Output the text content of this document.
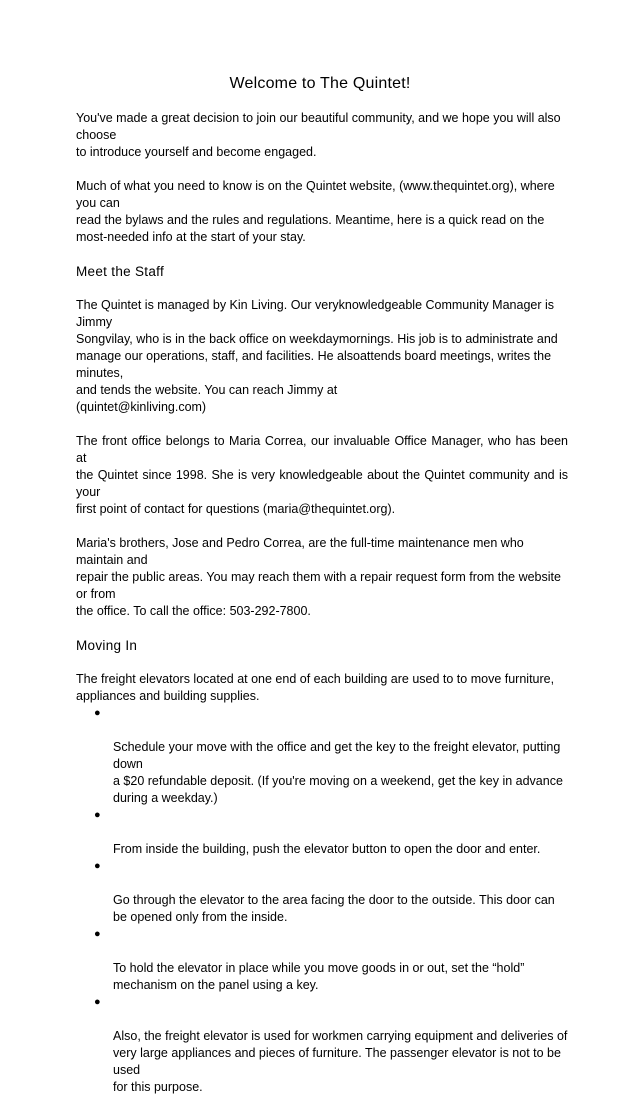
Welcome to The Quintet!

You've made a great decision to join our beautiful community, and we hope you will also choose
to introduce yourself and become engaged.

Much of what you need to know is on the Quintet website, (www.thequintet.org), where you can
read the bylaws and the rules and regulations. Meantime, here is a quick read on the
most-needed info at the start of your stay.

Meet the Staff

The Quintet is managed by Kin Living. Our veryknowledgeable Community Manager is Jimmy
Songvilay, who is in the back office on weekdaymornings. His job is to administrate and
manage our operations, staff, and facilities. He alsoattends board meetings, writes the minutes,
and tends the website. You can reach Jimmy at
(quintet@kinliving.com)

The front office belongs to Maria Correa, our invaluable Office Manager, who has been at
the Quintet since 1998. She is very knowledgeable about the Quintet community and is your
first point of contact for questions (maria@thequintet.org).

Maria's brothers, Jose and Pedro Correa, are the full-time maintenance men who maintain and
repair the public areas. You may reach them with a repair request form from the website or from
the office. To call the office: 503-292-7800.

Moving In

The freight elevators located at one end of each building are used to to move furniture,
appliances and building supplies.

●

Schedule your move with the office and get the key to the freight elevator, putting down
a $20 refundable deposit. (If you're moving on a weekend, get the key in advance
during a weekday.)

●

From inside the building, push the elevator button to open the door and enter.

●

Go through the elevator to the area facing the door to the outside. This door can
be opened only from the inside.

●

To hold the elevator in place while you move goods in or out, set the “hold”
mechanism on the panel using a key.

●

Also, the freight elevator is used for workmen carrying equipment and deliveries of
very large appliances and pieces of furniture. The passenger elevator is not to be used
for this purpose.
